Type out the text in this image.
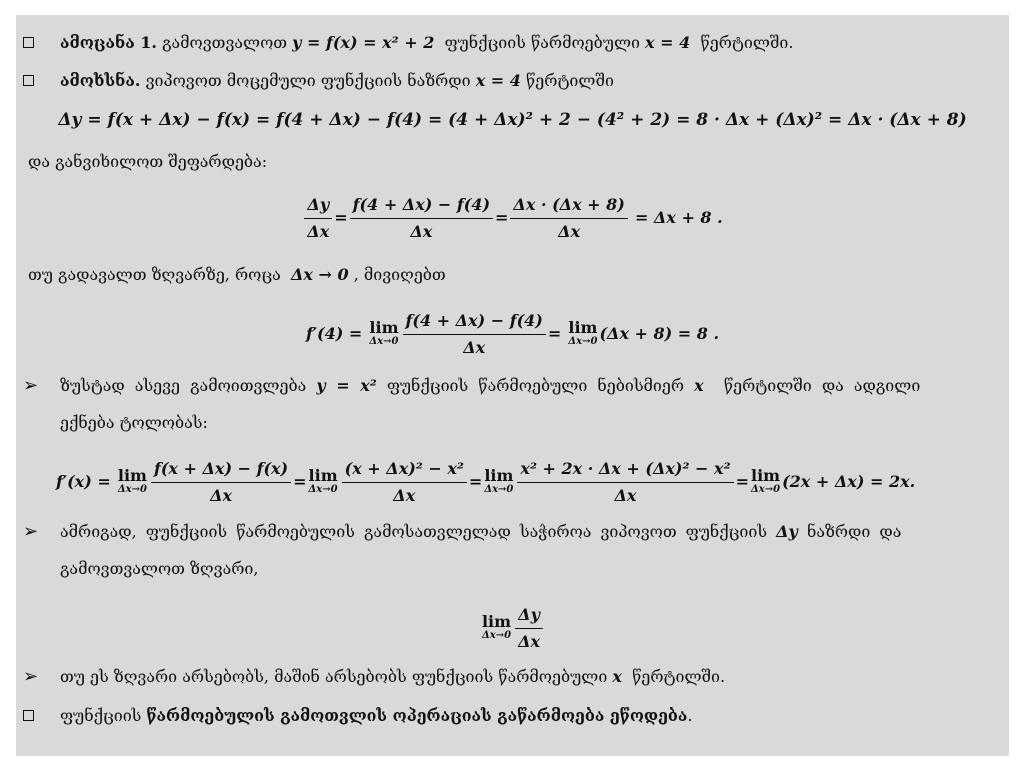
ამოცანა 1. გამოვთვალოთ y = f(x) = x² + 2 ფუნქციის წარმოებული x = 4 წერტილში.
ამოხსნა. ვიპოვოთ მოცემული ფუნქციის ნაზრდი x = 4 წერტილში
Δy = f(x + Δx) − f(x) = f(4 + Δx) − f(4) = (4 + Δx)² + 2 − (4² + 2) = 8 · Δx + (Δx)² = Δx · (Δx + 8)
და განვიხილოთ შეფარდება:
$\frac{\Delta y}{\Delta x} = \frac{f(4 + \Delta x) - f(4)}{\Delta x} = \frac{\Delta x \cdot (\Delta x + 8)}{\Delta x} = \Delta x + 8$ .
თუ გადავალთ ზღვარზე, როცა Δx → 0 , მივიღებთ
f′(4) = lim
$\Delta x\to 0 \frac{f(4 + \Delta x) - f(4)}{\Delta x} = \lim$
Δx→0 (Δx + 8) = 8 .
➢ ზუსტად ასევე გამოითვლება y = x² ფუნქციის წარმოებული ნებისმიერ x წერტილში და ადგილი
ექნება ტოლობას:
f′(x) = lim
$\Delta x\to 0 \frac{f(x + \Delta x) - f(x)}{\Delta x} = \lim$
$\Delta x\to 0 \frac{\text{(x + Δx)² − x²}}{\Delta x} = \lim$
$\Delta x\to 0 \frac{\text{x² + 2x · Δx + (Δx)² − x²}}{\Delta x} = \lim$
Δx→0 (2x + Δx) = 2x.
➢ ამრიგად, ფუნქციის წარმოებულის გამოსათვლელად საჭიროა ვიპოვოთ ფუნქციის Δy ნაზრდი და
გამოვთვალოთ ზღვარი,
lim
$\Delta x\to 0 \frac{\Delta y}{\Delta x}$
➢ თუ ეს ზღვარი არსებობს, მაშინ არსებობს ფუნქციის წარმოებული x წერტილში.
ფუნქციის წარმოებულის გამოთვლის ოპერაციას გაწარმოება ეწოდება.
